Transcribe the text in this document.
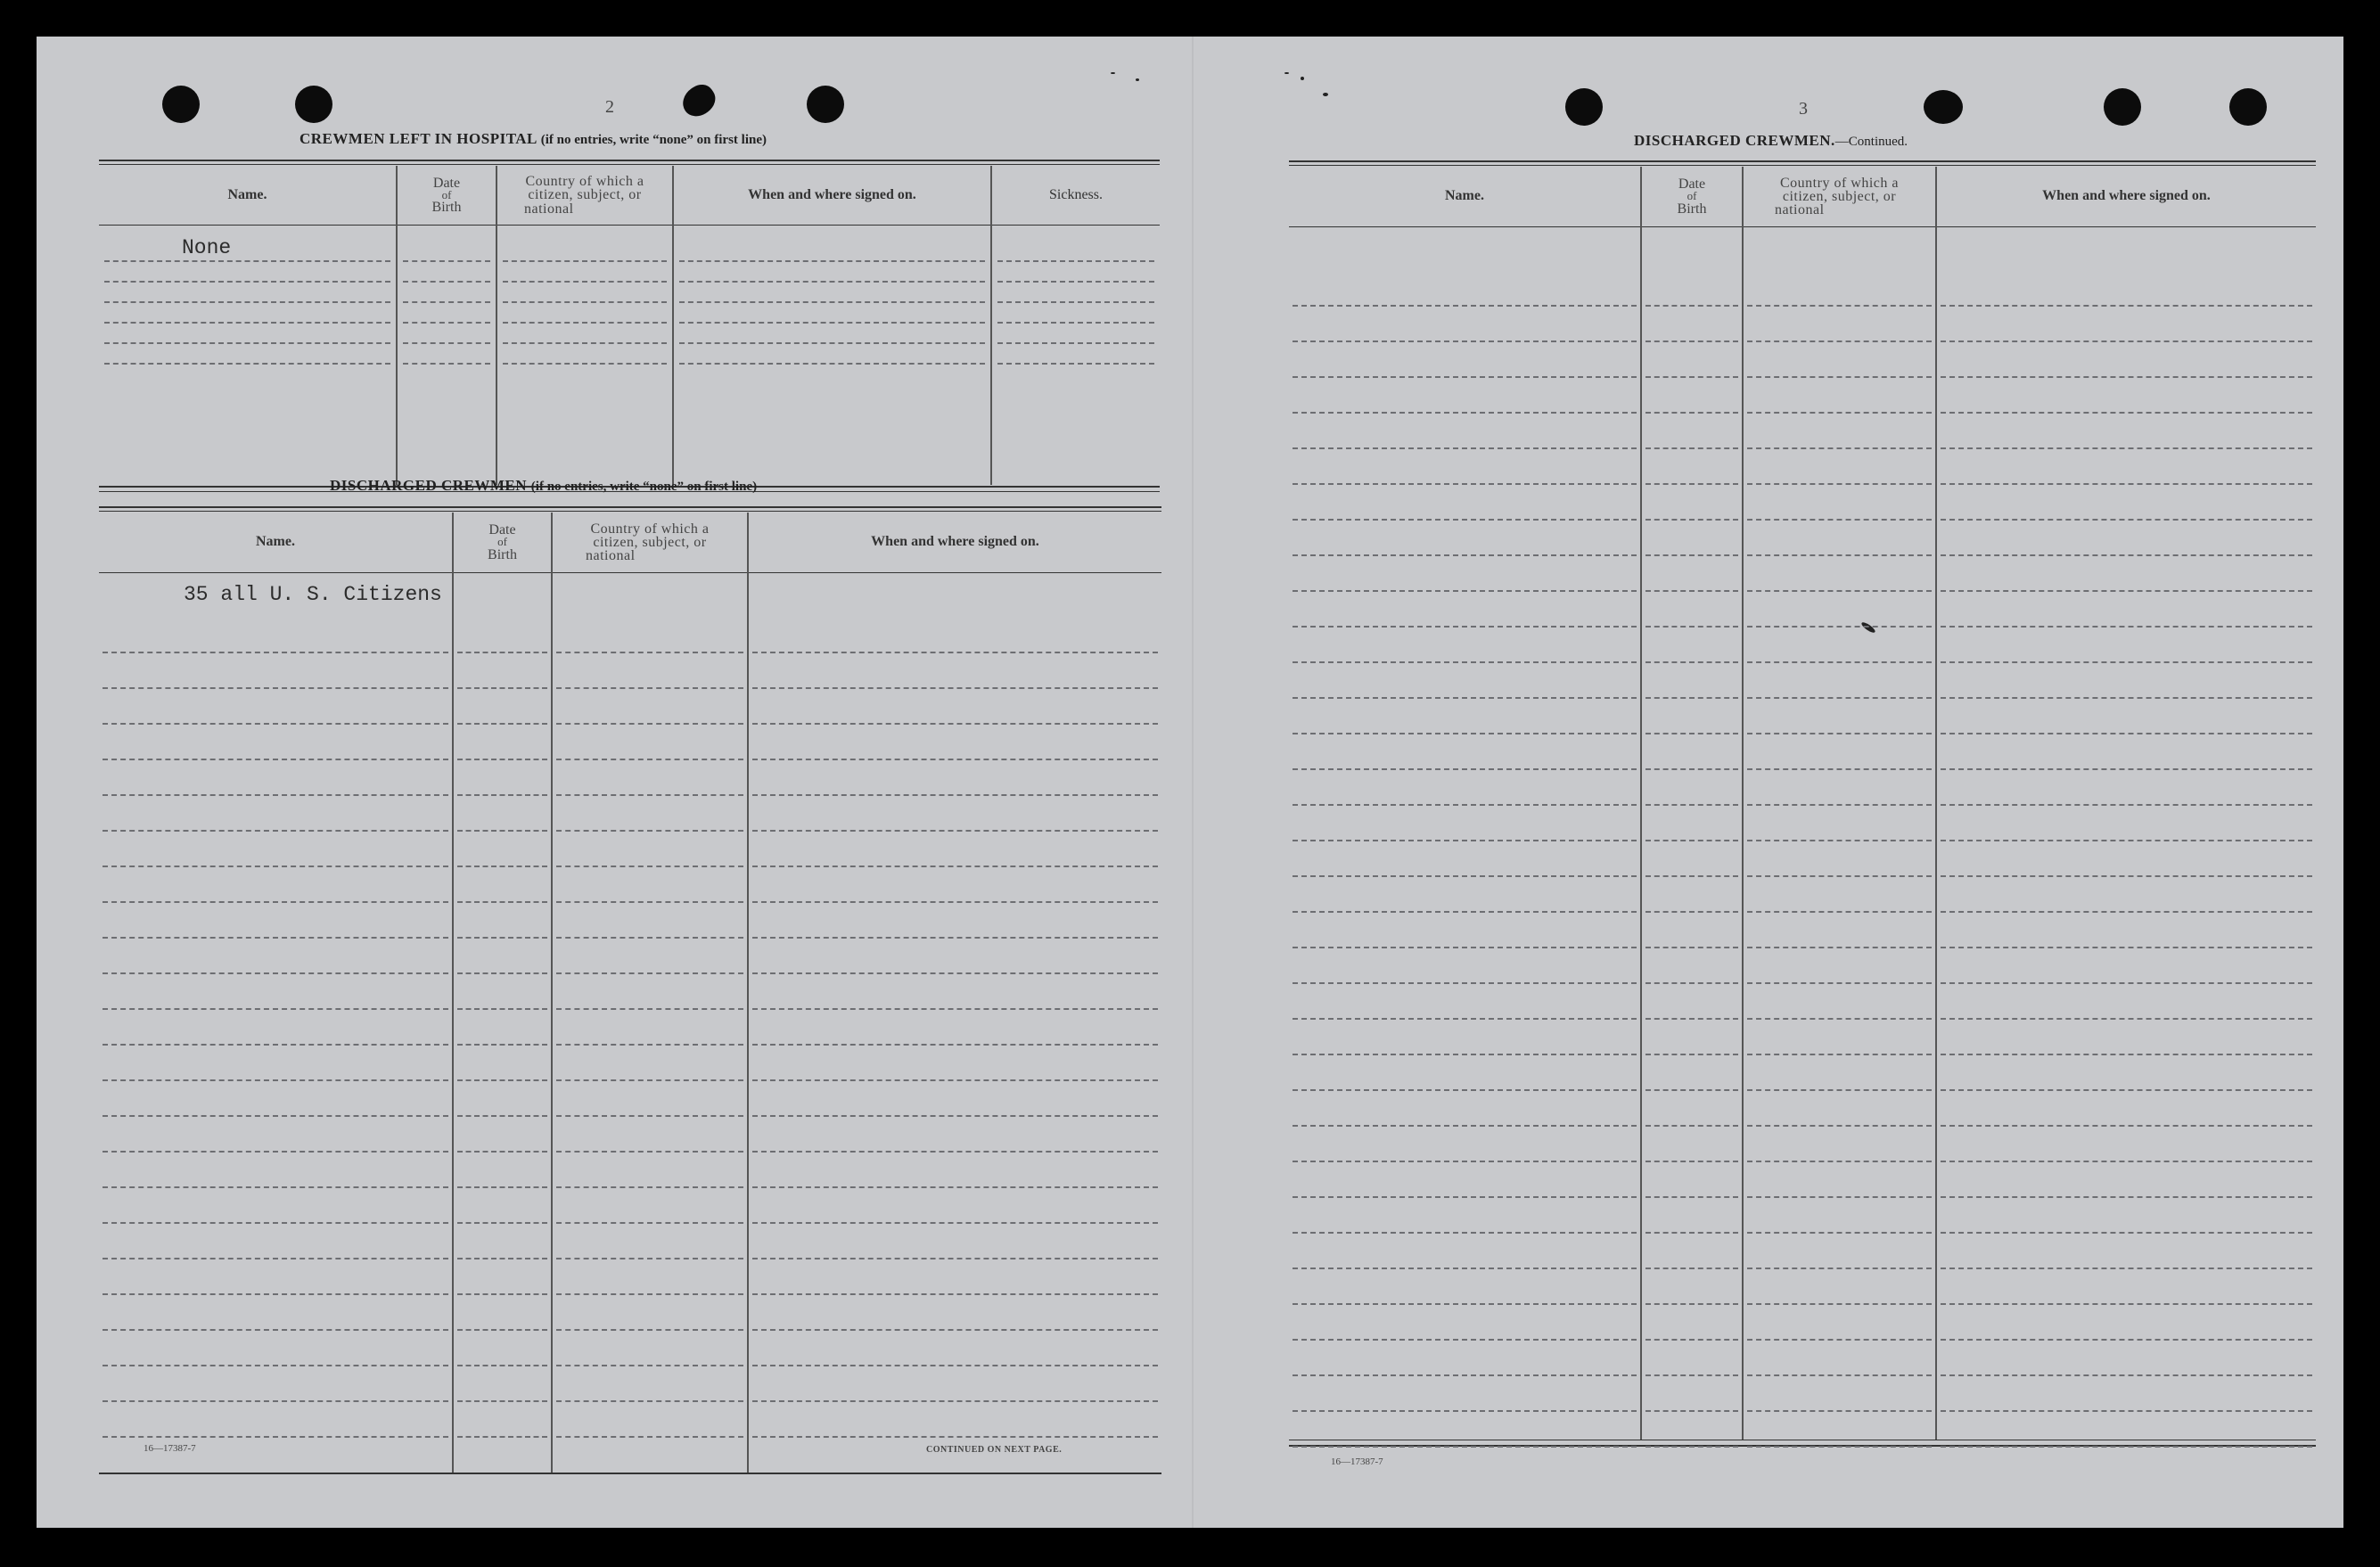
2
CREWMEN LEFT IN HOSPITAL (if no entries, write “none” on first line)
Name.
Date
of
Birth
Country of which a
citizen, subject, or
national
When and where signed on.	Sickness.
None
DISCHARGED CREWMEN (if no entries, write “none” on first line)
Name.
Date
of
Birth
Country of which a
citizen, subject, or
national
When and where signed on.
35 all U. S. Citizens
16—17387-7	CONTINUED ON NEXT PAGE.
3
DISCHARGED CREWMEN.—Continued.
Name.
Date
of
Birth
Country of which a
citizen, subject, or
national
When and where signed on.
16—17387-7
